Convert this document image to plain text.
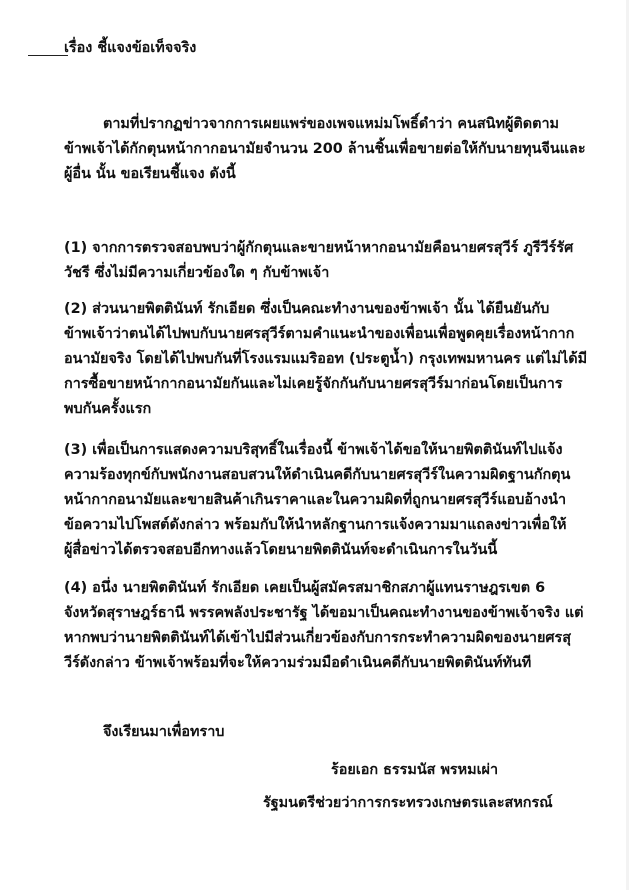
เรื่อง ชี้แจงข้อเท็จจริง
ตามที่ปรากฏข่าวจากการเผยแพร่ของเพจแหม่มโพธิ์ดำว่า คนสนิทผู้ติดตาม
ข้าพเจ้าได้กักตุนหน้ากากอนามัยจำนวน 200 ล้านชิ้นเพื่อขายต่อให้กับนายทุนจีนและ
ผู้อื่น นั้น ขอเรียนชี้แจง ดังนี้
(1) จากการตรวจสอบพบว่าผู้กักตุนและขายหน้าหากอนามัยคือนายศรสุวีร์ ภูรีวีร์รัศ
วัชรี ซึ่งไม่มีความเกี่ยวข้องใด ๆ กับข้าพเจ้า
(2) ส่วนนายพิตตินันท์ รักเอียด ซึ่งเป็นคณะทำงานของข้าพเจ้า นั้น ได้ยืนยันกับ
ข้าพเจ้าว่าตนได้ไปพบกับนายศรสุวีร์ตามคำแนะนำของเพื่อนเพื่อพูดคุยเรื่องหน้ากาก
อนามัยจริง โดยได้ไปพบกันที่โรงแรมแมริออท (ประตูน้ำ) กรุงเทพมหานคร แต่ไม่ได้มี
การซื้อขายหน้ากากอนามัยกันและไม่เคยรู้จักกันกับนายศรสุวีร์มาก่อนโดยเป็นการ
พบกันครั้งแรก
(3) เพื่อเป็นการแสดงความบริสุทธิ์ในเรื่องนี้ ข้าพเจ้าได้ขอให้นายพิตตินันท์ไปแจ้ง
ความร้องทุกข์กับพนักงานสอบสวนให้ดำเนินคดีกับนายศรสุวีร์ในความผิดฐานกักตุน
หน้ากากอนามัยและขายสินค้าเกินราคาและในความผิดที่ถูกนายศรสุวีร์แอบอ้างนำ
ข้อความไปโพสต์ดังกล่าว พร้อมกับให้นำหลักฐานการแจ้งความมาแถลงข่าวเพื่อให้
ผู้สื่อข่าวได้ตรวจสอบอีกทางแล้วโดยนายพิตตินันท์จะดำเนินการในวันนี้
(4) อนึ่ง นายพิตตินันท์ รักเอียด เคยเป็นผู้สมัครสมาชิกสภาผู้แทนราษฎรเขต 6
จังหวัดสุราษฎร์ธานี พรรคพลังประชารัฐ ได้ขอมาเป็นคณะทำงานของข้าพเจ้าจริง แต่
หากพบว่านายพิตตินันท์ได้เข้าไปมีส่วนเกี่ยวข้องกับการกระทำความผิดของนายศรสุ
วีร์ดังกล่าว ข้าพเจ้าพร้อมที่จะให้ความร่วมมือดำเนินคดีกับนายพิตตินันท์ทันที
จึงเรียนมาเพื่อทราบ
ร้อยเอก ธรรมนัส พรหมเผ่า
รัฐมนตรีช่วยว่าการกระทรวงเกษตรและสหกรณ์
